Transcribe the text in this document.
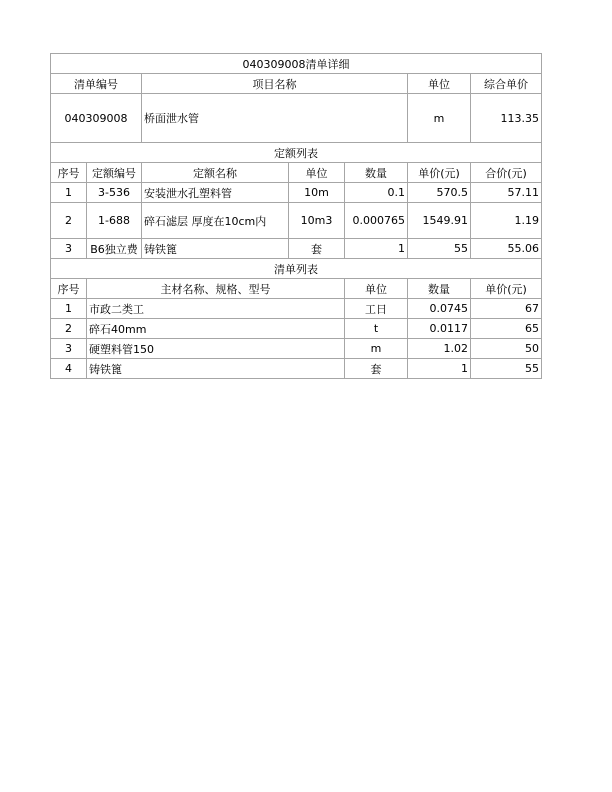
040309008清单详细							
清单编号		项目名称			单位	综合单价	
040309008		桥面泄水管			m	113.35	
定额列表							
序号	定额编号	定额名称	单位	数量	单价(元)	合价(元)	
1	3-536	安装泄水孔塑料管	10m	0.1	570.5	57.11	
2	1-688	碎石滤层 厚度在10cm内	10m3	0.000765	1549.91	1.19	
3	B6独立费	铸铁篦	套	1	55	55.06	
清单列表							
序号	主材名称、规格、型号			单位	数量	单价(元)	
1	市政二类工			工日	0.0745	67	
2	碎石40mm			t	0.0117	65	
3	硬塑料管150			m	1.02	50	
4	铸铁篦			套	1	55	
